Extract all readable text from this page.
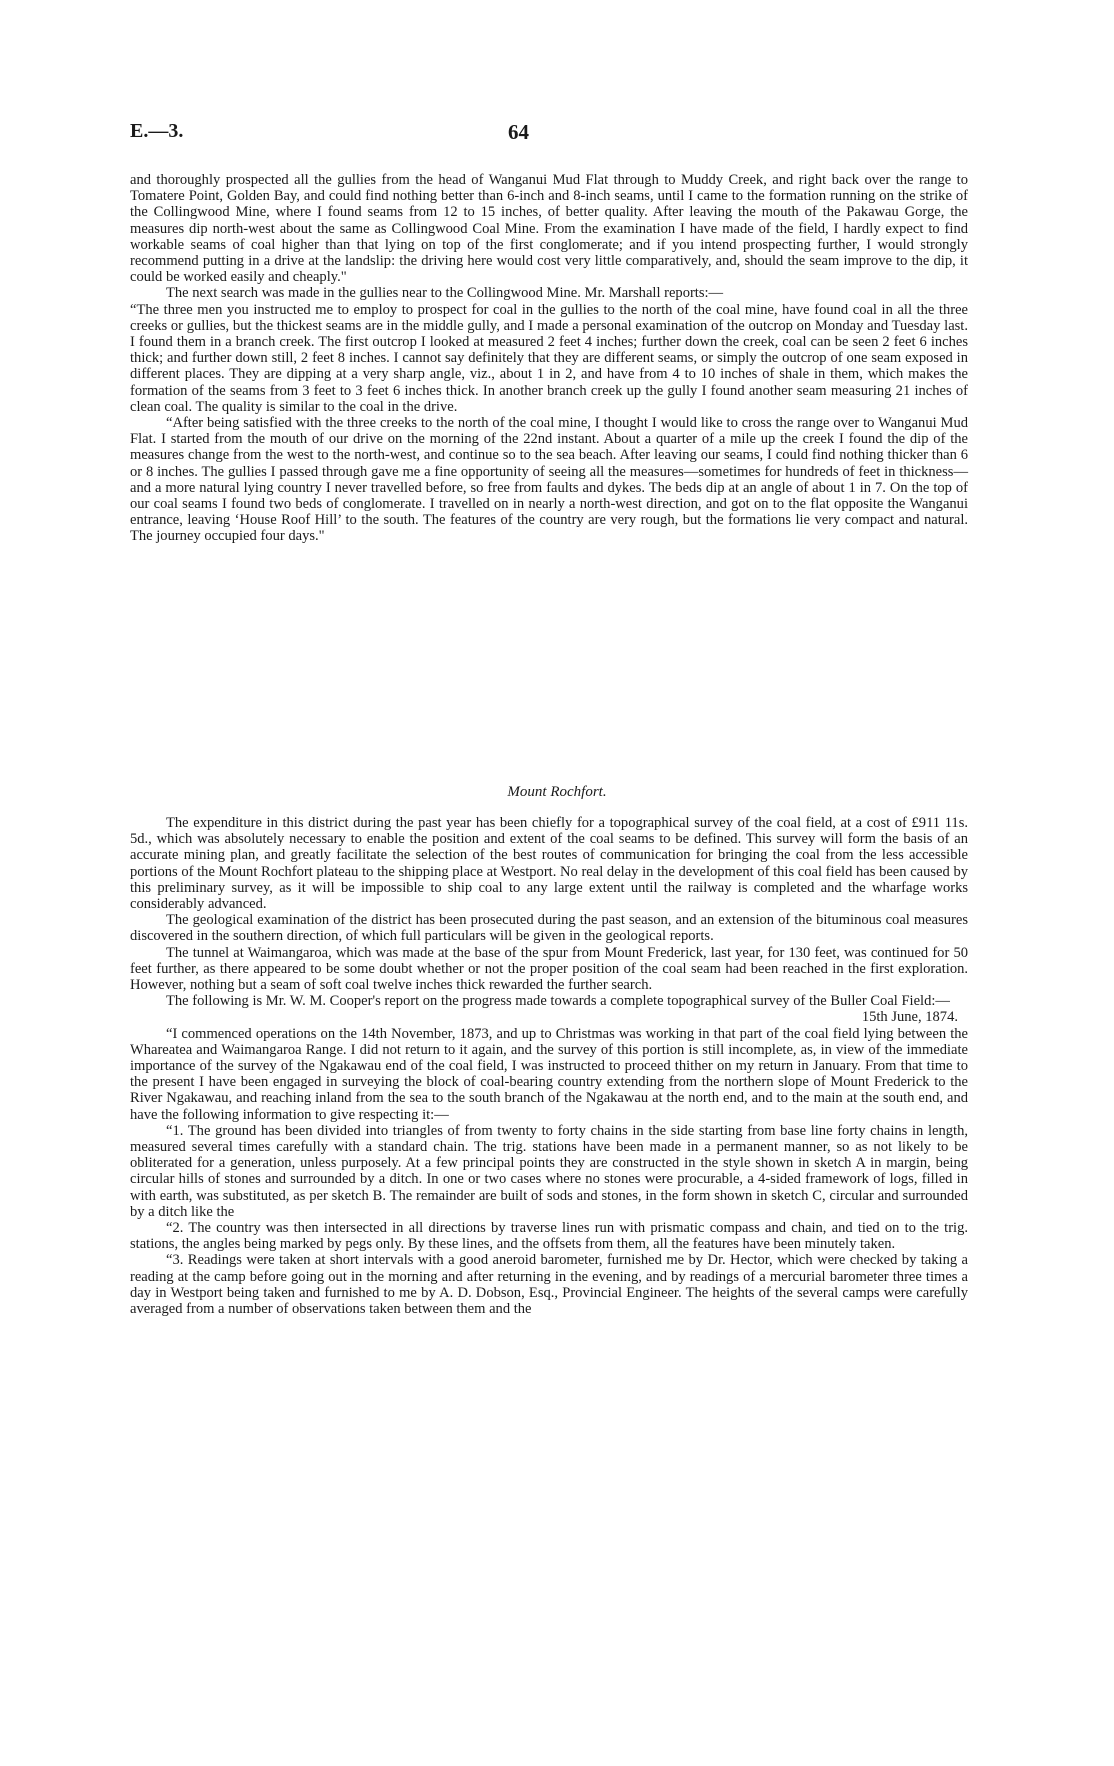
E.—3.	64

and thoroughly prospected all the gullies from the head of Wanganui Mud Flat through to Muddy Creek, and right back over the range to Tomatere Point, Golden Bay, and could find nothing better than 6-inch and 8-inch seams, until I came to the formation running on the strike of the Collingwood Mine, where I found seams from 12 to 15 inches, of better quality. After leaving the mouth of the Pakawau Gorge, the measures dip north-west about the same as Collingwood Coal Mine. From the examination I have made of the field, I hardly expect to find workable seams of coal higher than that lying on top of the first conglomerate; and if you intend prospecting further, I would strongly recommend putting in a drive at the landslip: the driving here would cost very little comparatively, and, should the seam improve to the dip, it could be worked easily and cheaply."

The next search was made in the gullies near to the Collingwood Mine. Mr. Marshall reports:—

“The three men you instructed me to employ to prospect for coal in the gullies to the north of the coal mine, have found coal in all the three creeks or gullies, but the thickest seams are in the middle gully, and I made a personal examination of the outcrop on Monday and Tuesday last. I found them in a branch creek. The first outcrop I looked at measured 2 feet 4 inches; further down the creek, coal can be seen 2 feet 6 inches thick; and further down still, 2 feet 8 inches. I cannot say definitely that they are different seams, or simply the outcrop of one seam exposed in different places. They are dipping at a very sharp angle, viz., about 1 in 2, and have from 4 to 10 inches of shale in them, which makes the formation of the seams from 3 feet to 3 feet 6 inches thick. In another branch creek up the gully I found another seam measuring 21 inches of clean coal. The quality is similar to the coal in the drive.

“After being satisfied with the three creeks to the north of the coal mine, I thought I would like to cross the range over to Wanganui Mud Flat. I started from the mouth of our drive on the morning of the 22nd instant. About a quarter of a mile up the creek I found the dip of the measures change from the west to the north-west, and continue so to the sea beach. After leaving our seams, I could find nothing thicker than 6 or 8 inches. The gullies I passed through gave me a fine opportunity of seeing all the measures—sometimes for hundreds of feet in thickness—and a more natural lying country I never travelled before, so free from faults and dykes. The beds dip at an angle of about 1 in 7. On the top of our coal seams I found two beds of conglomerate. I travelled on in nearly a north-west direction, and got on to the flat opposite the Wanganui entrance, leaving ‘House Roof Hill’ to the south. The features of the country are very rough, but the formations lie very compact and natural. The journey occupied four days."

Mount Rochfort.

The expenditure in this district during the past year has been chiefly for a topographical survey of the coal field, at a cost of £911 11s. 5d., which was absolutely necessary to enable the position and extent of the coal seams to be defined. This survey will form the basis of an accurate mining plan, and greatly facilitate the selection of the best routes of communication for bringing the coal from the less accessible portions of the Mount Rochfort plateau to the shipping place at Westport. No real delay in the development of this coal field has been caused by this preliminary survey, as it will be impossible to ship coal to any large extent until the railway is completed and the wharfage works considerably advanced.

The geological examination of the district has been prosecuted during the past season, and an extension of the bituminous coal measures discovered in the southern direction, of which full particulars will be given in the geological reports.

The tunnel at Waimangaroa, which was made at the base of the spur from Mount Frederick, last year, for 130 feet, was continued for 50 feet further, as there appeared to be some doubt whether or not the proper position of the coal seam had been reached in the first exploration. However, nothing but a seam of soft coal twelve inches thick rewarded the further search.

The following is Mr. W. M. Cooper's report on the progress made towards a complete topographical survey of the Buller Coal Field:—

15th June, 1874.

“I commenced operations on the 14th November, 1873, and up to Christmas was working in that part of the coal field lying between the Whareatea and Waimangaroa Range. I did not return to it again, and the survey of this portion is still incomplete, as, in view of the immediate importance of the survey of the Ngakawau end of the coal field, I was instructed to proceed thither on my return in January. From that time to the present I have been engaged in surveying the block of coal-bearing country extending from the northern slope of Mount Frederick to the River Ngakawau, and reaching inland from the sea to the south branch of the Ngakawau at the north end, and to the main at the south end, and have the following information to give respecting it:—

“1. The ground has been divided into triangles of from twenty to forty chains in the side starting from base line forty chains in length, measured several times carefully with a standard chain. The trig. stations have been made in a permanent manner, so as not likely to be obliterated for a generation, unless purposely. At a few principal points they are constructed in the style shown in sketch A in margin, being circular hills of stones and surrounded by a ditch. In one or two cases where no stones were procurable, a 4-sided framework of logs, filled in with earth, was substituted, as per sketch B. The remainder are built of sods and stones, in the form shown in sketch C, circular and surrounded by a ditch like the

“2. The country was then intersected in all directions by traverse lines run with prismatic compass and chain, and tied on to the trig. stations, the angles being marked by pegs only. By these lines, and the offsets from them, all the features have been minutely taken.

“3. Readings were taken at short intervals with a good aneroid barometer, furnished me by Dr. Hector, which were checked by taking a reading at the camp before going out in the morning and after returning in the evening, and by readings of a mercurial barometer three times a day in Westport being taken and furnished to me by A. D. Dobson, Esq., Provincial Engineer. The heights of the several camps were carefully averaged from a number of observations taken between them and the
